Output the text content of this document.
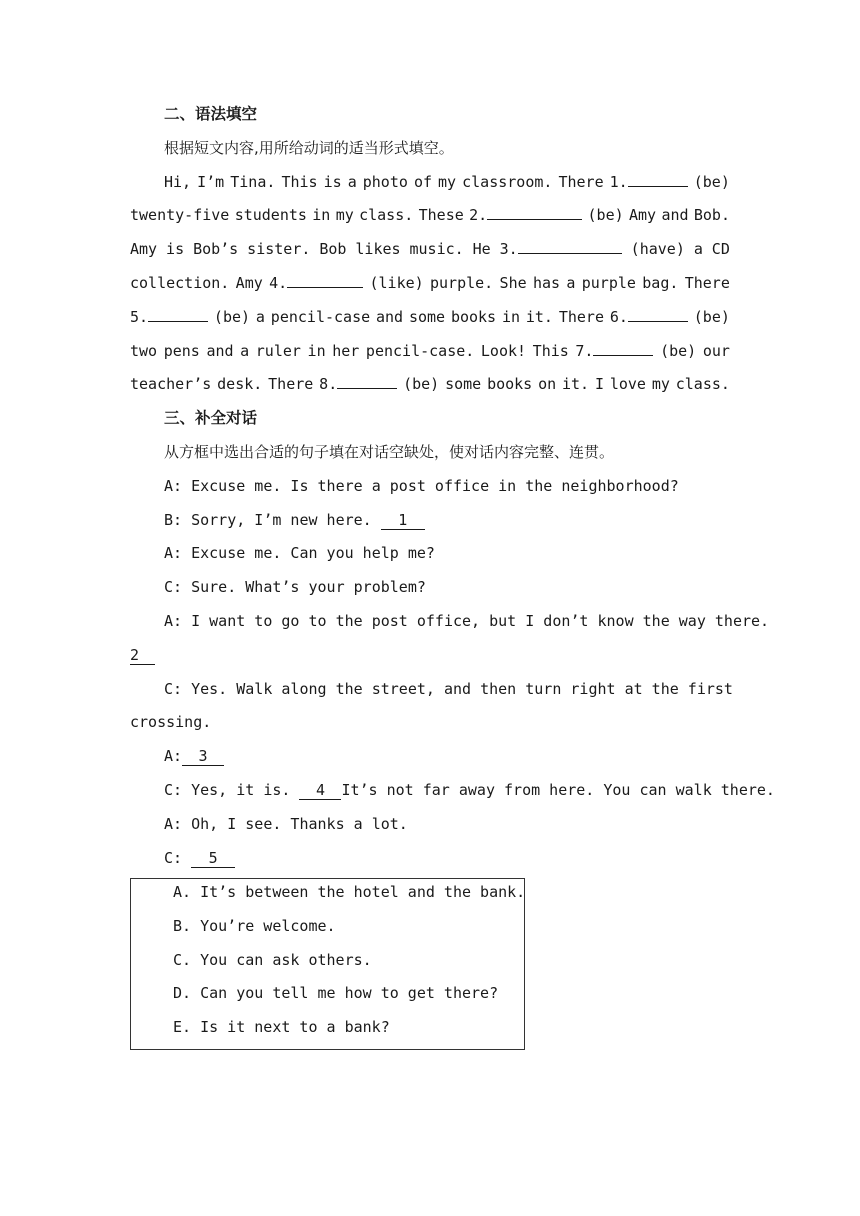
二、语法填空
根据短文内容,用所给动词的适当形式填空。
Hi, I’m Tina. This is a photo of my classroom. There 1.	(be)
twenty-five students in my class. These 2.	(be) Amy and Bob.
Amy is Bob’s sister. Bob likes music. He 3.	(have) a CD
collection. Amy 4.	(like) purple. She has a purple bag. There
5.	(be) a pencil-case and some books in it. There 6.	(be)
two pens and a ruler in her pencil-case. Look! This 7.	(be) our
teacher’s desk. There 8.	(be) some books on it. I love my class.
三、补全对话
从方框中选出合适的句子填在对话空缺处，使对话内容完整、连贯。
A: Excuse me. Is there a post office in the neighborhood?
B: Sorry, I’m new here. 1
A: Excuse me. Can you help me?
C: Sure. What’s your problem?
A: I want to go to the post office, but I don’t know the way there.
2
C: Yes. Walk along the street, and then turn right at the first
crossing.
A: 3
C: Yes, it is. 4 It’s not far away from here. You can walk there.
A: Oh, I see. Thanks a lot.
C: 5
A. It’s between the hotel and the bank.
B. You’re welcome.
C. You can ask others.
D. Can you tell me how to get there?
E. Is it next to a bank?
